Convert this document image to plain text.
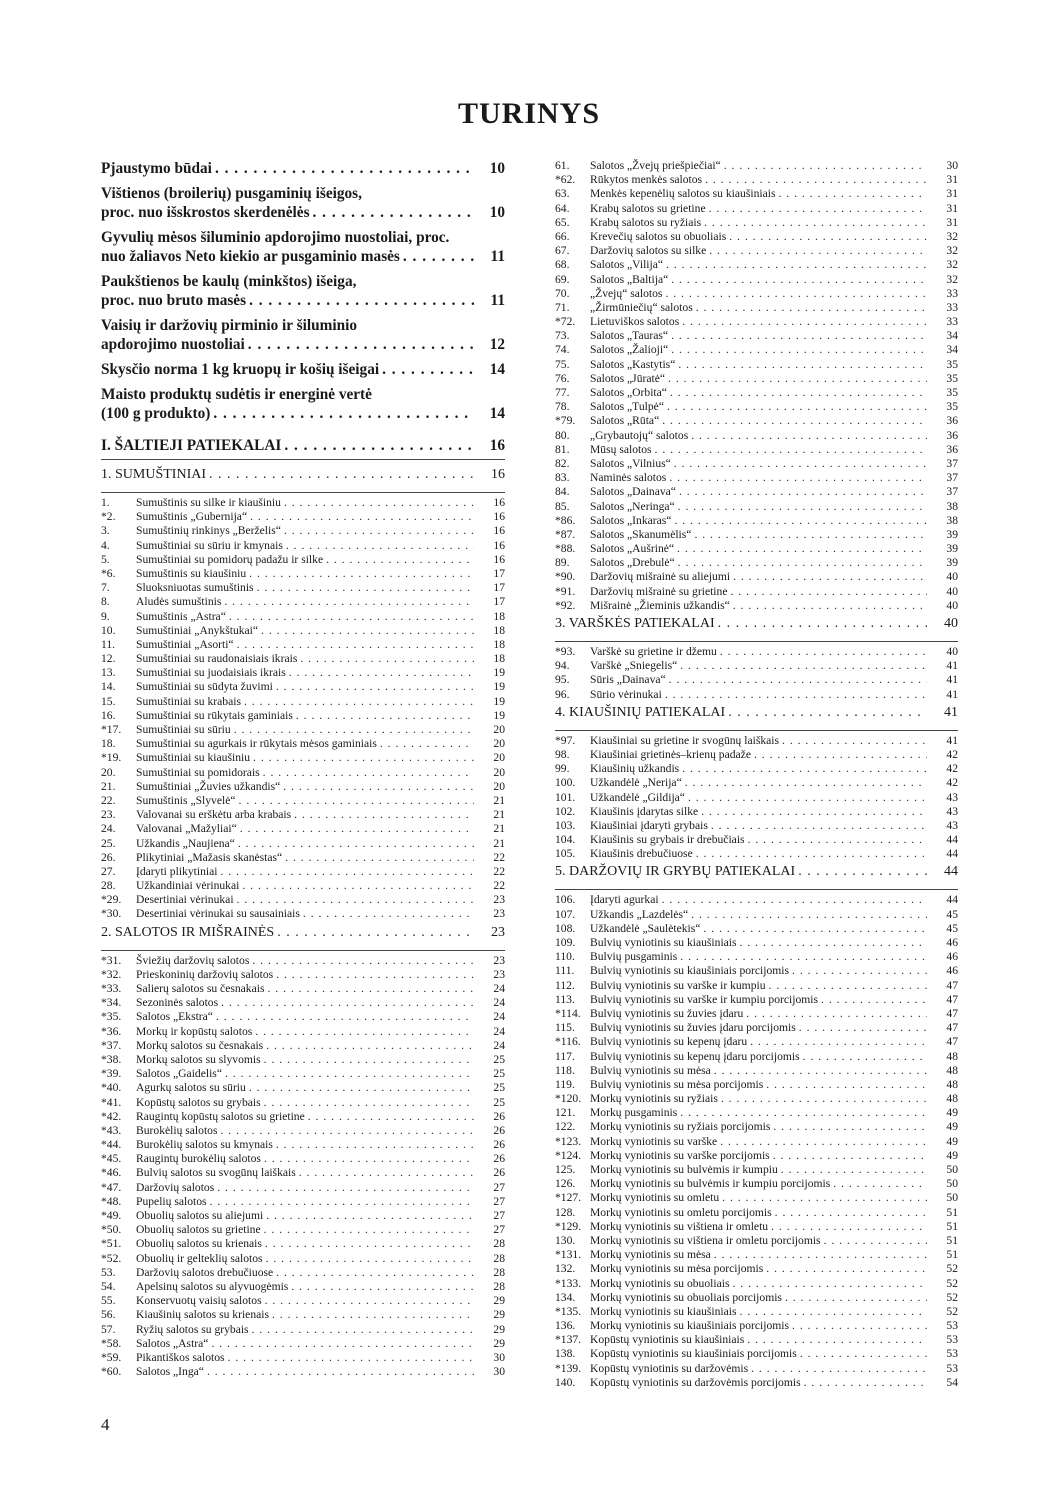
TURINYS
Pjaustymo būdai . . .	10
Vištienos (broilerių) pusgaminių išeigos,
proc. nuo išskrostos skerdenėlės . . .	10
Gyvulių mėsos šiluminio apdorojimo nuostoliai, proc.
nuo žaliavos Neto kiekio ar pusgaminio masės . . .	11
Paukštienos be kaulų (minkštos) išeiga,
proc. nuo bruto masės . . .	11
Vaisių ir daržovių pirminio ir šiluminio
apdorojimo nuostoliai . . .	12
Skysčio norma 1 kg kruopų ir košių išeigai . . .	14
Maisto produktų sudėtis ir energinė vertė
(100 g produkto) . . .	14
I. ŠALTIEJI PATIEKALAI . . .	16
1. SUMUŠTINIAI . . .	16
1.	Sumuštinis su silke ir kiaušiniu . . .	16
*2.	Sumuštinis „Gubernija“ . . .	16
3.	Sumuštinių rinkinys „Berželis“ . . .	16
4.	Sumuštiniai su sūriu ir kmynais . . .	16
5.	Sumuštiniai su pomidorų padažu ir silke . . .	16
*6.	Sumuštinis su kiaušiniu . . .	17
7.	Sluoksniuotas sumuštinis . . .	17
8.	Aludės sumuštinis . . .	17
9.	Sumuštinis „Astra“ . . .	18
10.	Sumuštiniai „Anykštukai“ . . .	18
11.	Sumuštiniai „Asorti“ . . .	18
12.	Sumuštiniai su raudonaisiais ikrais . . .	18
13.	Sumuštiniai su juodaisiais ikrais . . .	19
14.	Sumuštiniai su sūdyta žuvimi . . .	19
15.	Sumuštiniai su krabais . . .	19
16.	Sumuštiniai su rūkytais gaminiais . . .	19
*17.	Sumuštiniai su sūriu . . .	20
18.	Sumuštiniai su agurkais ir rūkytais mėsos gaminiais . . .	20
*19.	Sumuštiniai su kiaušiniu . . .	20
20.	Sumuštiniai su pomidorais . . .	20
21.	Sumuštiniai „Žuvies užkandis“ . . .	20
22.	Sumuštinis „Slyvelė“ . . .	21
23.	Valovanai su erškėtu arba krabais . . .	21
24.	Valovanai „Mažyliai“ . . .	21
25.	Užkandis „Naujiena“ . . .	21
26.	Plikytiniai „Mažasis skanėstas“ . . .	22
27.	Įdaryti plikytiniai . . .	22
28.	Užkandiniai vėrinukai . . .	22
*29.	Desertiniai vėrinukai . . .	23
*30.	Desertiniai vėrinukai su sausainiais . . .	23
2. SALOTOS IR MIŠRAINĖS . . .	23
*31.	Šviežių daržovių salotos . . .	23
*32.	Prieskoninių daržovių salotos . . .	23
*33.	Salierų salotos su česnakais . . .	24
*34.	Sezoninės salotos . . .	24
*35.	Salotos „Ekstra“ . . .	24
*36.	Morkų ir kopūstų salotos . . .	24
*37.	Morkų salotos su česnakais . . .	24
*38.	Morkų salotos su slyvomis . . .	25
*39.	Salotos „Gaidelis“ . . .	25
*40.	Agurkų salotos su sūriu . . .	25
*41.	Kopūstų salotos su grybais . . .	25
*42.	Raugintų kopūstų salotos su grietine . . .	26
*43.	Burokėlių salotos . . .	26
*44.	Burokėlių salotos su kmynais . . .	26
*45.	Raugintų burokėlių salotos . . .	26
*46.	Bulvių salotos su svogūnų laiškais . . .	26
*47.	Daržovių salotos . . .	27
*48.	Pupelių salotos . . .	27
*49.	Obuolių salotos su aliejumi . . .	27
*50.	Obuolių salotos su grietine . . .	27
*51.	Obuolių salotos su krienais . . .	28
*52.	Obuolių ir gelteklių salotos . . .	28
53.	Daržovių salotos drebučiuose . . .	28
54.	Apelsinų salotos su alyvuogėmis . . .	28
55.	Konservuotų vaisių salotos . . .	29
56.	Kiaušinių salotos su krienais . . .	29
57.	Ryžių salotos su grybais . . .	29
*58.	Salotos „Astra“ . . .	29
*59.	Pikantiškos salotos . . .	30
*60.	Salotos „Inga“ . . .	30
61.	Salotos „Žvejų priešpiečiai“ . . .	30
*62.	Rūkytos menkės salotos . . .	31
63.	Menkės kepenėlių salotos su kiaušiniais . . .	31
64.	Krabų salotos su grietine . . .	31
65.	Krabų salotos su ryžiais . . .	31
66.	Krevečių salotos su obuoliais . . .	32
67.	Daržovių salotos su silke . . .	32
68.	Salotos „Vilija“ . . .	32
69.	Salotos „Baltija“ . . .	32
70.	„Žvejų“ salotos . . .	33
71.	„Žirmūniečių“ salotos . . .	33
*72.	Lietuviškos salotos . . .	33
73.	Salotos „Tauras“ . . .	34
74.	Salotos „Žalioji“ . . .	34
75.	Salotos „Kastytis“ . . .	35
76.	Salotos „Jūratė“ . . .	35
77.	Salotos „Orbita“ . . .	35
78.	Salotos „Tulpė“ . . .	35
*79.	Salotos „Rūta“ . . .	36
80.	„Grybautojų“ salotos . . .	36
81.	Mūsų salotos . . .	36
82.	Salotos „Vilnius“ . . .	37
83.	Naminės salotos . . .	37
84.	Salotos „Dainava“ . . .	37
85.	Salotos „Neringa“ . . .	38
*86.	Salotos „Inkaras“ . . .	38
*87.	Salotos „Skanumėlis“ . . .	39
*88.	Salotos „Aušrinė“ . . .	39
89.	Salotos „Drebulė“ . . .	39
*90.	Daržovių mišrainė su aliejumi . . .	40
*91.	Daržovių mišrainė su grietine . . .	40
*92.	Mišrainė „Žieminis užkandis“ . . .	40
3. VARŠKĖS PATIEKALAI . . .	40
*93.	Varškė su grietine ir džemu . . .	40
94.	Varškė „Sniegelis“ . . .	41
95.	Sūris „Dainava“ . . .	41
96.	Sūrio vėrinukai . . .	41
4. KIAUŠINIŲ PATIEKALAI . . .	41
*97.	Kiaušiniai su grietine ir svogūnų laiškais . . .	41
98.	Kiaušiniai grietinės–krienų padaže . . .	42
99.	Kiaušinių užkandis . . .	42
100.	Užkandėlė „Nerija“ . . .	42
101.	Užkandėlė „Gildija“ . . .	43
102.	Kiaušinis įdarytas silke . . .	43
103.	Kiaušiniai įdaryti grybais . . .	43
104.	Kiaušinis su grybais ir drebučiais . . .	44
105.	Kiaušinis drebučiuose . . .	44
5. DARŽOVIŲ IR GRYBŲ PATIEKALAI . . .	44
106.	Įdaryti agurkai . . .	44
107.	Užkandis „Lazdelės“ . . .	45
108.	Užkandėlė „Saulėtekis“ . . .	45
109.	Bulvių vyniotinis su kiaušiniais . . .	46
110.	Bulvių pusgaminis . . .	46
111.	Bulvių vyniotinis su kiaušiniais porcijomis . . .	46
112.	Bulvių vyniotinis su varške ir kumpiu . . .	47
113.	Bulvių vyniotinis su varške ir kumpiu porcijomis . . .	47
*114. Bulvių vyniotinis su žuvies įdaru . . .	47
115.	Bulvių vyniotinis su žuvies įdaru porcijomis . . .	47
*116. Bulvių vyniotinis su kepenų įdaru . . .	47
117.	Bulvių vyniotinis su kepenų įdaru porcijomis . . .	48
118.	Bulvių vyniotinis su mėsa . . .	48
119.	Bulvių vyniotinis su mėsa porcijomis . . .	48
*120. Morkų vyniotinis su ryžiais . . .	48
121.	Morkų pusgaminis . . .	49
122.	Morkų vyniotinis su ryžiais porcijomis . . .	49
*123. Morkų vyniotinis su varške . . .	49
*124. Morkų vyniotinis su varške porcijomis . . .	49
125.	Morkų vyniotinis su bulvėmis ir kumpiu . . .	50
126.	Morkų vyniotinis su bulvėmis ir kumpiu porcijomis . . .	50
*127. Morkų vyniotinis su omletu . . .	50
128.	Morkų vyniotinis su omletu porcijomis . . .	51
*129. Morkų vyniotinis su vištiena ir omletu . . .	51
130.	Morkų vyniotinis su vištiena ir omletu porcijomis . . .	51
*131. Morkų vyniotinis su mėsa . . .	51
132.	Morkų vyniotinis su mėsa porcijomis . . .	52
*133. Morkų vyniotinis su obuoliais . . .	52
134.	Morkų vyniotinis su obuoliais porcijomis . . .	52
*135. Morkų vyniotinis su kiaušiniais . . .	52
136.	Morkų vyniotinis su kiaušiniais porcijomis . . .	53
*137. Kopūstų vyniotinis su kiaušiniais . . .	53
138.	Kopūstų vyniotinis su kiaušiniais porcijomis . . .	53
*139. Kopūstų vyniotinis su daržovėmis . . .	53
140.	Kopūstų vyniotinis su daržovėmis porcijomis . . .	54
4
